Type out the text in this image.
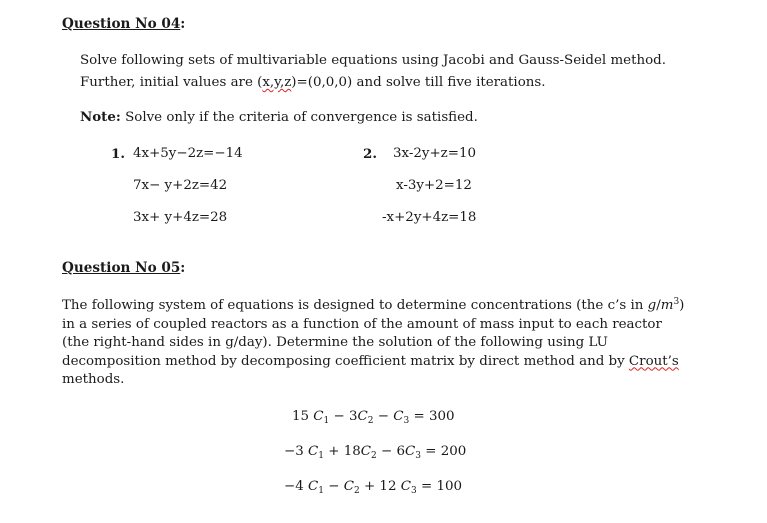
Question No 04:
Solve following sets of multivariable equations using Jacobi and Gauss-Seidel method.
Further, initial values are (x,y,z)=(0,0,0) and solve till five iterations.
Note: Solve only if the criteria of convergence is satisfied.
1. 4x+5y−2z=−14
7x− y+2z=42
3x+ y+4z=28
2. 3x-2y+z=10
x-3y+2=12
-x+2y+4z=18
Question No 05:
The following system of equations is designed to determine concentrations (the c’s in $g/m^3$) in a series of coupled reactors as a function of the amount of mass input to each reactor (the right-hand sides in g/day). Determine the solution of the following using LU decomposition method by decomposing coefficient matrix by direct method and by Crout’s methods.
15 $C_1 - 3C_2 - C_3 = 300$
−3 $C_1 + 18C_2 - 6C_3 = 200$
−4 $C_1 - C_2 + 12$ $C_3 = 100$
